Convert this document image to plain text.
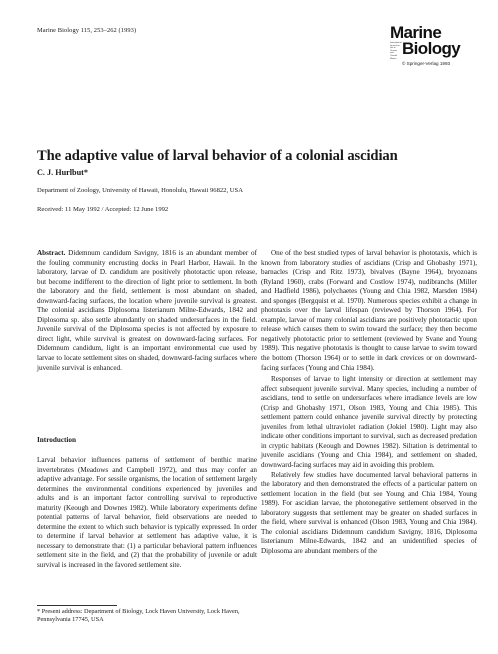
Marine Biology 115, 253–262 (1993)	Marine
International Journal on Life in Oceans and Coastal Waters
Biology
© Springer-Verlag 1993
The adaptive value of larval behavior of a colonial ascidian
C. J. Hurlbut*
Department of Zoology, University of Hawaii, Honolulu, Hawaii 96822, USA
Received: 11 May 1992 / Accepted: 12 June 1992

Abstract. Didemnum candidum Savigny, 1816 is an abundant member of the fouling community encrusting docks in Pearl Harbor, Hawaii. In the laboratory, larvae of D. candidum are positively phototactic upon release, but become indifferent to the direction of light prior to settlement. In both the laboratory and the field, settlement is most abundant on shaded, downward-facing surfaces, the location where juvenile survival is greatest. The colonial ascidians Diplosoma listerianum Milne-Edwards, 1842 and Diplosoma sp. also settle abundantly on shaded undersurfaces in the field. Juvenile survival of the Diplosoma species is not affected by exposure to direct light, while survival is greatest on downward-facing surfaces. For Didemnum candidum, light is an important environmental cue used by larvae to locate settlement sites on shaded, downward-facing surfaces where juvenile survival is enhanced.

Introduction

Larval behavior influences patterns of settlement of benthic marine invertebrates (Meadows and Campbell 1972), and thus may confer an adaptive advantage. For sessile organisms, the location of settlement largely determines the environmental conditions experienced by juveniles and adults and is an important factor controlling survival to reproductive maturity (Keough and Downes 1982). While laboratory experiments define potential patterns of larval behavior, field observations are needed to determine the extent to which such behavior is typically expressed. In order to determine if larval behavior at settlement has adaptive value, it is necessary to demonstrate that: (1) a particular behavioral pattern influences settlement site in the field, and (2) that the probability of juvenile or adult survival is increased in the favored settlement site.

* Present address: Department of Biology, Lock Haven University, Lock Haven, Pennsylvania 17745, USA

One of the best studied types of larval behavior is phototaxis, which is known from laboratory studies of ascidians (Crisp and Ghobashy 1971), barnacles (Crisp and Ritz 1973), bivalves (Bayne 1964), bryozoans (Ryland 1960), crabs (Forward and Costlow 1974), nudibranchs (Miller and Hadfield 1986), polychaetes (Young and Chia 1982, Marsden 1984) and sponges (Bergquist et al. 1970). Numerous species exhibit a change in phototaxis over the larval lifespan (reviewed by Thorson 1964). For example, larvae of many colonial ascidians are positively phototactic upon release which causes them to swim toward the surface; they then become negatively phototactic prior to settlement (reviewed by Svane and Young 1989). This negative phototaxis is thought to cause larvae to swim toward the bottom (Thorson 1964) or to settle in dark crevices or on downward-facing surfaces (Young and Chia 1984).

Responses of larvae to light intensity or direction at settlement may affect subsequent juvenile survival. Many species, including a number of ascidians, tend to settle on undersurfaces where irradiance levels are low (Crisp and Ghobashy 1971, Olson 1983, Young and Chia 1985). This settlement pattern could enhance juvenile survival directly by protecting juveniles from lethal ultraviolet radiation (Jokiel 1980). Light may also indicate other conditions important to survival, such as decreased predation in cryptic habitats (Keough and Downes 1982). Siltation is detrimental to juvenile ascidians (Young and Chia 1984), and settlement on shaded, downward-facing surfaces may aid in avoiding this problem.

Relatively few studies have documented larval behavioral patterns in the laboratory and then demonstrated the effects of a particular pattern on settlement location in the field (but see Young and Chia 1984, Young 1989). For ascidian larvae, the photonegative settlement observed in the laboratory suggests that settlement may be greater on shaded surfaces in the field, where survival is enhanced (Olson 1983, Young and Chia 1984). The colonial ascidians Didemnum candidum Savigny, 1816, Diplosoma listerianum Milne-Edwards, 1842 and an unidentified species of Diplosoma are abundant members of the
